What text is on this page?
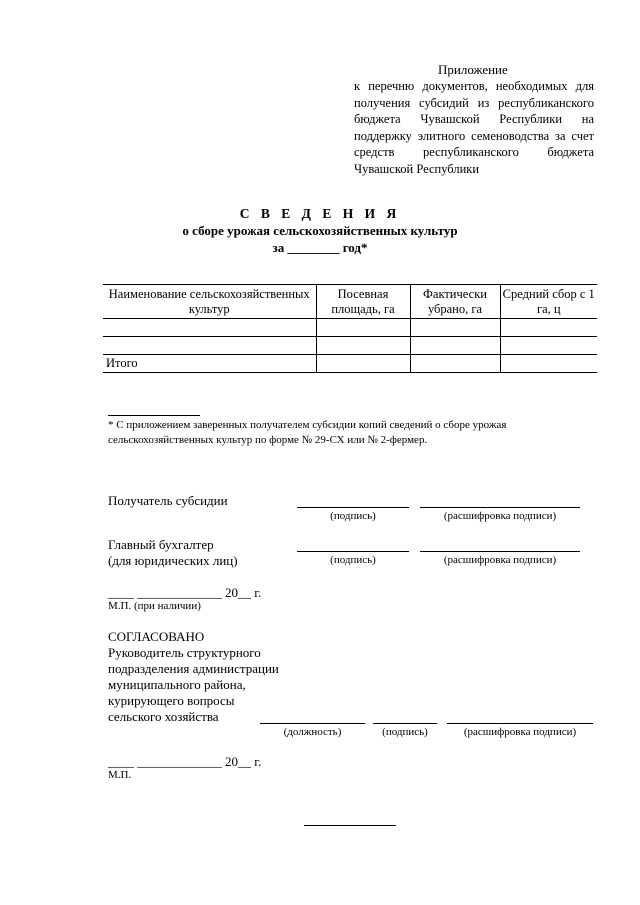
Приложение
к перечню документов, необходимых для получения субсидий из республиканского бюджета Чувашской Республики на поддержку элитного семеноводства за счет средств республиканского бюджета Чувашской Республики
С В Е Д Е Н И Я
о сборе урожая сельскохозяйственных культур
за ________ год*
Наименование сельскохозяйственных культур	Посевная площадь, га	Фактически убрано, га	Средний сбор с 1 га, ц

Итого			
* С приложением заверенных получателем субсидии копий сведений о сборе урожая сельскохозяйственных культур по форме № 29-СХ или № 2-фермер.
Получатель субсидии
(подпись)	(расшифровка подписи)
Главный бухгалтер
(для юридических лиц)	(подпись)	(расшифровка подписи)
____ _____________ 20__ г.
М.П. (при наличии)
СОГЛАСОВАНО
Руководитель структурного
подразделения администрации
муниципального района,
курирующего вопросы
сельского хозяйства
(должность)	(подпись)	(расшифровка подписи)
____ _____________ 20__ г.
М.П.
